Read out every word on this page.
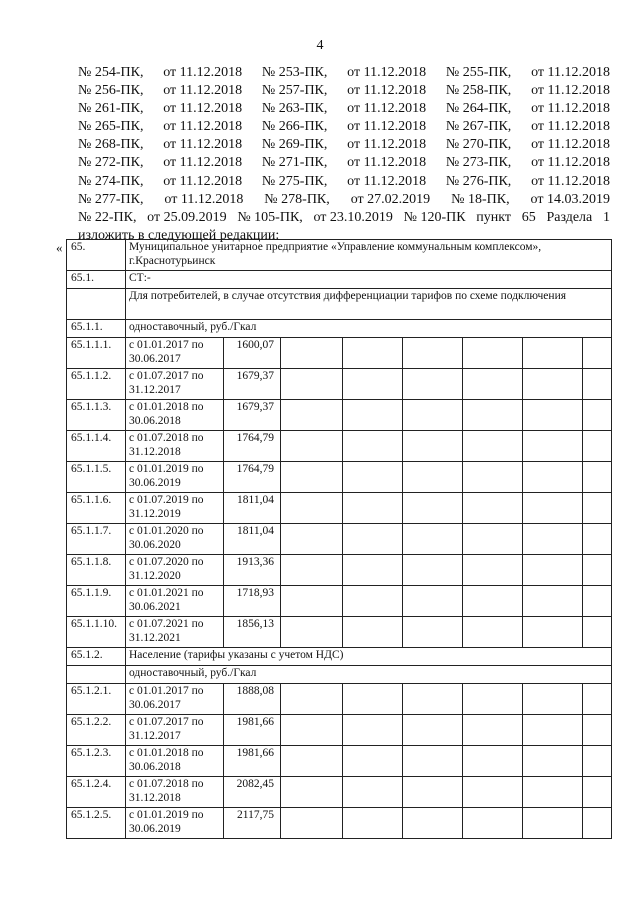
4
№ 254-ПК, от 11.12.2018 № 253-ПК, от 11.12.2018 № 255-ПК, от 11.12.2018
№ 256-ПК, от 11.12.2018 № 257-ПК, от 11.12.2018 № 258-ПК, от 11.12.2018
№ 261-ПК, от 11.12.2018 № 263-ПК, от 11.12.2018 № 264-ПК, от 11.12.2018
№ 265-ПК, от 11.12.2018 № 266-ПК, от 11.12.2018 № 267-ПК, от 11.12.2018
№ 268-ПК, от 11.12.2018 № 269-ПК, от 11.12.2018 № 270-ПК, от 11.12.2018
№ 272-ПК, от 11.12.2018 № 271-ПК, от 11.12.2018 № 273-ПК, от 11.12.2018
№ 274-ПК, от 11.12.2018 № 275-ПК, от 11.12.2018 № 276-ПК, от 11.12.2018
№ 277-ПК, от 11.12.2018 № 278-ПК, от 27.02.2019 № 18-ПК, от 14.03.2019
№ 22-ПК, от 25.09.2019 № 105-ПК, от 23.10.2019 № 120-ПК пункт 65 Раздела 1
изложить в следующей редакции:
« 65.	Муниципальное унитарное предприятие «Управление коммунальным комплексом», г.Краснотурьинск							
65.1.	СТ:-							
	Для потребителей, в случае отсутствия дифференциации тарифов по схеме подключения							
65.1.1.	одноставочный, руб./Гкал							
65.1.1.1.	с 01.01.2017 по 30.06.2017	1600,07						
65.1.1.2.	с 01.07.2017 по 31.12.2017	1679,37						
65.1.1.3.	с 01.01.2018 по 30.06.2018	1679,37						
65.1.1.4.	с 01.07.2018 по 31.12.2018	1764,79						
65.1.1.5.	с 01.01.2019 по 30.06.2019	1764,79						
65.1.1.6.	с 01.07.2019 по 31.12.2019	1811,04						
65.1.1.7.	с 01.01.2020 по 30.06.2020	1811,04						
65.1.1.8.	с 01.07.2020 по 31.12.2020	1913,36						
65.1.1.9.	с 01.01.2021 по 30.06.2021	1718,93						
65.1.1.10.	с 01.07.2021 по 31.12.2021	1856,13						
65.1.2.	Население (тарифы указаны с учетом НДС)							
	одноставочный, руб./Гкал							
65.1.2.1.	с 01.01.2017 по 30.06.2017	1888,08						
65.1.2.2.	с 01.07.2017 по 31.12.2017	1981,66						
65.1.2.3.	с 01.01.2018 по 30.06.2018	1981,66						
65.1.2.4.	с 01.07.2018 по 31.12.2018	2082,45						
65.1.2.5.	с 01.01.2019 по 30.06.2019	2117,75						
